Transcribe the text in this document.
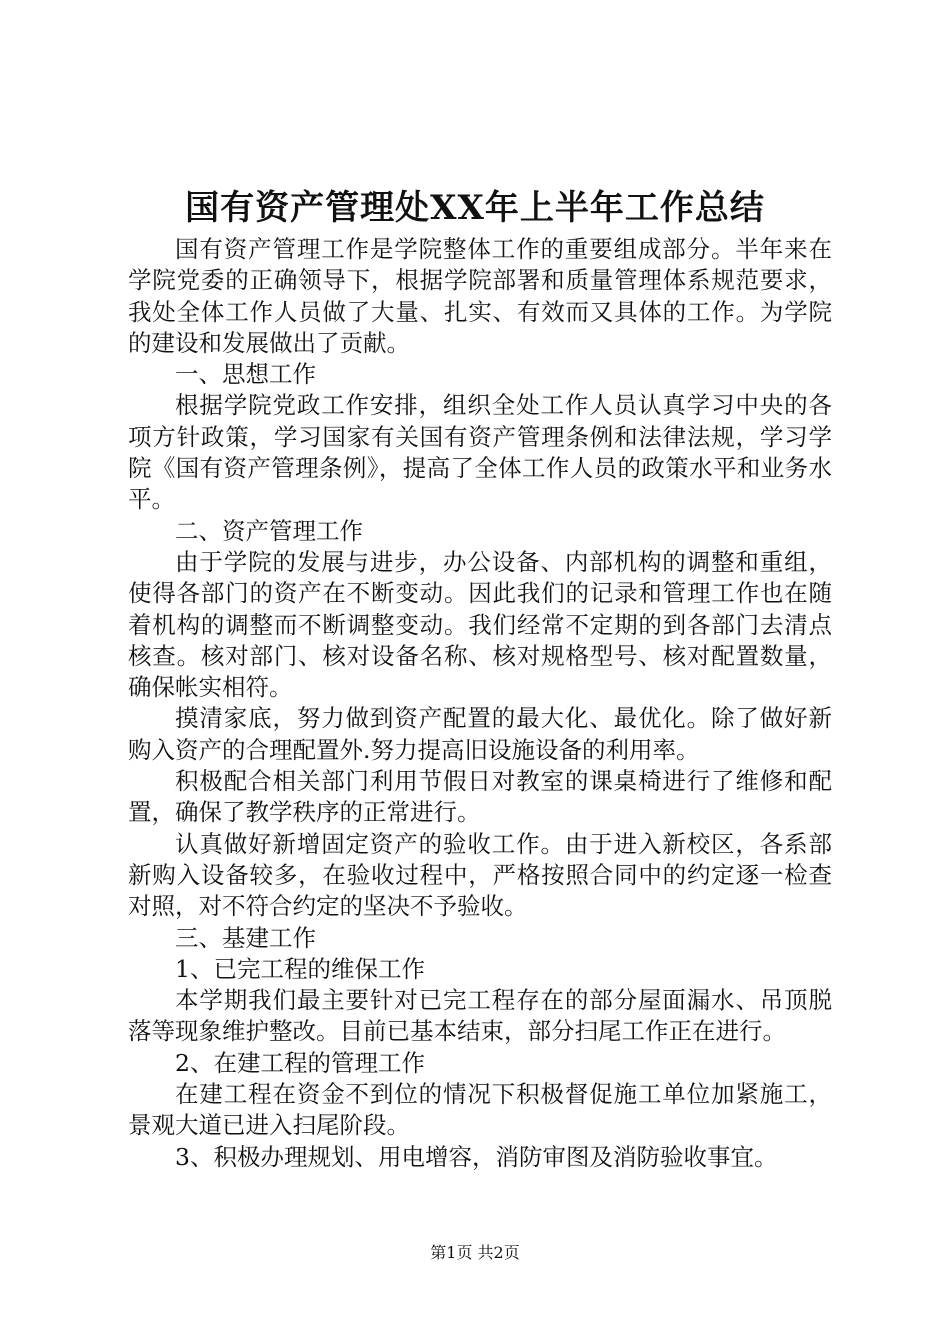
国有资产管理处XX年上半年工作总结

国有资产管理工作是学院整体工作的重要组成部分。半年来在学院党委的正确领导下，根据学院部署和质量管理体系规范要求，我处全体工作人员做了大量、扎实、有效而又具体的工作。为学院的建设和发展做出了贡献。

一、思想工作

根据学院党政工作安排，组织全处工作人员认真学习中央的各项方针政策，学习国家有关国有资产管理条例和法律法规，学习学院《国有资产管理条例》，提高了全体工作人员的政策水平和业务水平。

二、资产管理工作

由于学院的发展与进步，办公设备、内部机构的调整和重组，使得各部门的资产在不断变动。因此我们的记录和管理工作也在随着机构的调整而不断调整变动。我们经常不定期的到各部门去清点核查。核对部门、核对设备名称、核对规格型号、核对配置数量，确保帐实相符。

摸清家底，努力做到资产配置的最大化、最优化。除了做好新购入资产的合理配置外.努力提高旧设施设备的利用率。

积极配合相关部门利用节假日对教室的课桌椅进行了维修和配置，确保了教学秩序的正常进行。

认真做好新增固定资产的验收工作。由于进入新校区，各系部新购入设备较多，在验收过程中，严格按照合同中的约定逐一检查对照，对不符合约定的坚决不予验收。

三、基建工作

1、已完工程的维保工作

本学期我们最主要针对已完工程存在的部分屋面漏水、吊顶脱落等现象维护整改。目前已基本结束，部分扫尾工作正在进行。

2、在建工程的管理工作

在建工程在资金不到位的情况下积极督促施工单位加紧施工，景观大道已进入扫尾阶段。

3、积极办理规划、用电增容，消防审图及消防验收事宜。

第1页 共2页
